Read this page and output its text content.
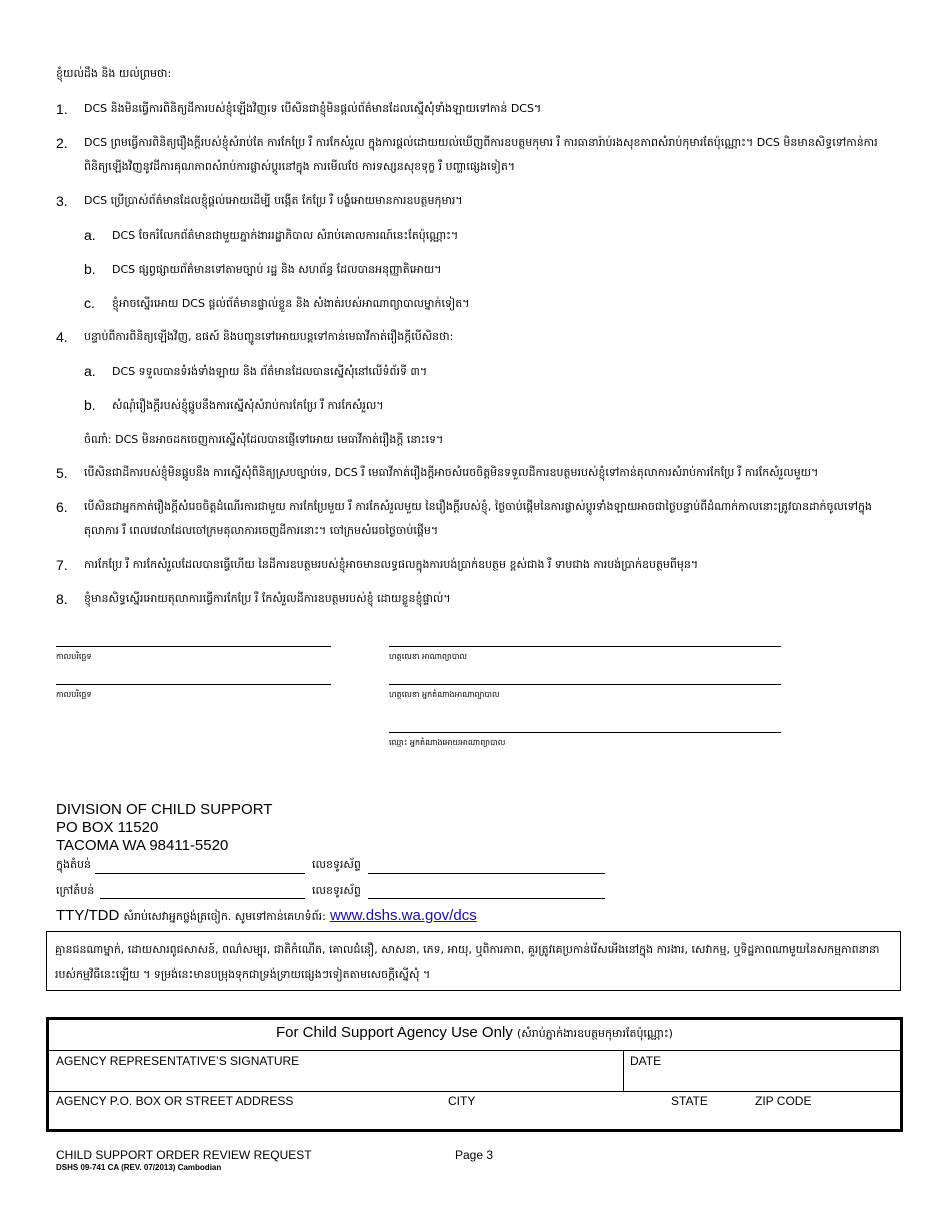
ខ្ញុំយល់ដឹង និង យល់ព្រមថា:
1. DCS និងមិនធ្វើការពិនិត្យដីការបស់ខ្ញុំឡើងវិញទេ បើសិនជាខ្ញុំមិនផ្តល់ព័ត៌មានដែលស្នើសុំទាំងឡាយទៅកាន់ DCS។
2. DCS ព្រមធ្វើការពិនិត្យរឿងក្តីរបស់ខ្ញុំសំរាប់តែ ការកែប្រែ រឺ ការកែសំរួល ក្នុងការផ្តល់ដោយយល់ឃើញពីការឧបត្ថមកុមារ រឺ ការធានារ៉ាប់រងសុខភាពសំរាប់កុមារតែប៉ុណ្ណោះ។ DCS មិនមានសិទ្ធទៅកាន់ការពិនិត្យឡើងវិញនូវដីការគុណភាពសំរាប់ការផ្លាស់ប្តូរនៅក្នុង ការមើលថែ ការទស្សនសុខទុក្ខ រឺ បញ្ហាផ្សេងទៀត។
3. DCS ប្រើប្រាស់ព័ត៌មានដែលខ្ញុំផ្តល់អោយដើម្បី បង្កើត កែប្រែ រឺ បង្ខំអោយមានការឧបត្ថមកុមារ។
a. DCS ចែករំលែកព័ត៌មានជាមួយភ្នាក់ងាររដ្ឋាភិបាល សំរាប់គោលការណ៍នេះតែប៉ុណ្ណោះ។
b. DCS ផ្សព្វផ្សាយព័ត៌មានទៅតាមច្បាប់ រដ្ឋ និង សហព័ន្ធ ដែលបានអនុញ្ញាតិអោយ។
c. ខ្ញុំអាចស្នើរអោយ DCS ផ្តល់ព័ត៌មានផ្ទាល់ខ្លួន និង សំងាត់របស់អាណាព្យាបាលម្នាក់ទៀត។
4. បន្ទាប់ពីការពិនិត្យឡើងវិញ, ឧផស៍ និងបញ្ជូនទៅអោយបន្តទៅកាន់មេធាវីកាត់រឿងក្តីបើសិនថា:
a. DCS ទទួលបានទំរង់ទាំងឡាយ និង ព័ត៌មានដែលបានស្នើសុំនៅលើទំព័រទី ៣។
b. សំណុំរឿងក្តីរបស់ខ្ញុំផ្គូបនឹងការស្នើសុំសំរាប់ការកែប្រែ រឺ ការកែសំរួល។
ចំណាំ: DCS មិនអាចដកចេញការស្នើសុំដែលបានផ្ញើទៅអោយ មេធាវីកាត់រឿងក្តី នោះទេ។
5. បើសិនជាដីការបស់ខ្ញុំមិនផ្គូបនឹង ការស្នើសុំពិនិត្យស្របច្បាប់ទេ, DCS រឺ មេធាវីកាត់រឿងក្តីអាចសំរេចចិត្តមិនទទួលដីការឧបត្ថមរបស់ខ្ញុំទៅកាន់តុលាការសំរាប់ការកែប្រែ រឺ ការកែសំរួលមួយ។
6. បើសិនជាអ្នកកាត់រឿងក្តីសំរេចចិត្តដំណើរការជាមួយ ការកែប្រែមួយ រឺ ការកែសំរួលមួយ នៃរឿងក្តីរបស់ខ្ញុំ, ថ្ងៃចាប់ផ្តើមនៃការផ្លាស់ប្តូរទាំងឡាយអាចជាថ្ងៃបន្ទាប់ពីដំណាក់កាលនោះត្រូវបានដាក់ចូលទៅក្នុងតុលាការ រឺ ពេលវេលាដែលចៅក្រមតុលាការចេញដីការនោះ។ ចៅក្រមសំរេចថ្ងៃចាប់ផ្តើម។
7. ការកែប្រែ រឺ ការកែសំរួលដែលបានធ្វើហើយ នៃដីការឧបត្ថមរបស់ខ្ញុំអាចមានលទ្ធផលក្នុងការបង់ប្រាក់ឧបត្ថម ខ្ពស់ជាង រឺ ទាបជាង ការបង់ប្រាក់ឧបត្ថមពីមុន។
8. ខ្ញុំមានសិទ្ធស្នើរអោយតុលាការធ្វើការកែប្រែ រឺ កែសំរួលដីការឧបត្ថមរបស់ខ្ញុំ ដោយខ្លួនខ្ញុំផ្ទាល់។
កាលបរិច្ឆេទ	ហត្ថលេខា អាណាព្យាបាល
កាលបរិច្ឆេទ	ហត្ថលេខា អ្នកតំណាងអាណាព្យាបាល
ឈ្មោះ អ្នកតំណាងអោយអាណាព្យាបាល
DIVISION OF CHILD SUPPORT
PO BOX 11520
TACOMA WA 98411-5520
ក្នុងតំបន់	លេខទូរស័ព្ទ
ក្រៅតំបន់	លេខទូរស័ព្ទ
TTY/TDD សំរាប់សេវាអ្នកថ្លង់ត្រចៀក. សូមទៅកាន់គេហទំព័រ: www.dshs.wa.gov/dcs
គ្មានជនណាម្នាក់, ដោយសារពូជសាសន៍, ពណ៌សម្បុរ, ជាតិកំណើត, គោលជំនឿ, សាសនា, ភេទ, អាយុ, ឬពិការភាព, គួរត្រូវគេប្រកាន់រើសអើងនៅក្នុង ការងារ, សេវាកម្ម, ឬទិដ្ឋភាពណាមួយនៃសកម្មភាពនានារបស់កម្មវិធីនេះឡើយ ។ ទម្រង់នេះមានបម្រុងទុកជាទ្រង់ទ្រាយផ្សេងៗទៀតតាមសេចក្តីស្នើសុំ ។
For Child Support Agency Use Only (សំរាប់ភ្នាក់ងារឧបត្ថមកុមារតែប៉ុណ្ណោះ)
AGENCY REPRESENTATIVE’S SIGNATURE	DATE
AGENCY P.O. BOX OR STREET ADDRESS	CITY	STATE	ZIP CODE
CHILD SUPPORT ORDER REVIEW REQUEST
DSHS 09-741 CA (REV. 07/2013) Cambodian
Page 3
